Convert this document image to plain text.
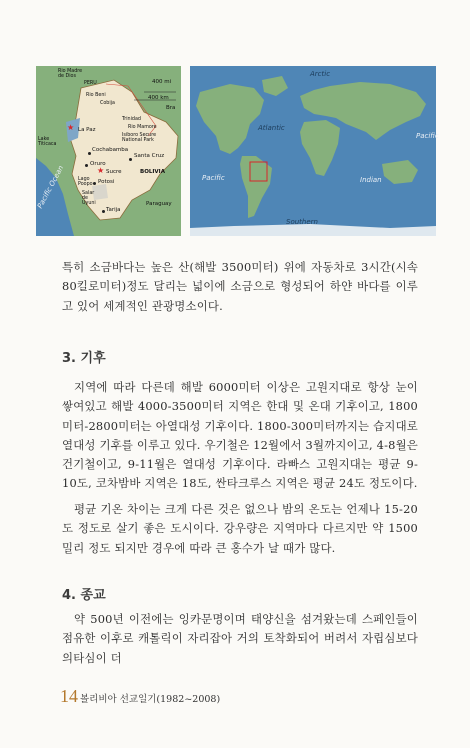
Rio Madre
de Dios
PERU
Rio Beni
400 mi
400 km
Bra
Cobija
Trinidad
Rio Mamore
La Paz
★
Isiboro Secure
National Park
Lake
Titicaca
Cochabamba
Santa Cruz
Oruro
Sucre
★	BOLIVIA
Potosi
Lago
Poopo
Salar
de
Uyuni
Tarija
Paraguay
Pacific Ocean
Arctic
Atlantic
Pacific
Pacific	Indian
Southern

특히 소금바다는 높은 산(해발 3500미터) 위에 자동차로 3시간(시속 80킬로미터)정도 달리는 넓이에 소금으로 형성되어 하얀 바다를 이루고 있어 세계적인 관광명소이다.

3. 기후

지역에 따라 다른데 해발 6000미터 이상은 고원지대로 항상 눈이 쌓여있고 해발 4000-3500미터 지역은 한대 및 온대 기후이고, 1800미터-2800미터는 아열대성 기후이다. 1800-300미터까지는 습지대로 열대성 기후를 이루고 있다. 우기철은 12월에서 3월까지이고, 4-8월은 건기철이고, 9-11월은 열대성 기후이다. 라빠스 고원지대는 평균 9-10도, 코차밤바 지역은 18도, 싼타크루스 지역은 평균 24도 정도이다.

평균 기온 차이는 크게 다른 것은 없으나 밤의 온도는 언제나 15-20도 정도로 살기 좋은 도시이다. 강우량은 지역마다 다르지만 약 1500밀리 정도 되지만 경우에 따라 큰 홍수가 날 때가 많다.

4. 종교

약 500년 이전에는 잉카문명이며 태양신을 섬겨왔는데 스페인들이 점유한 이후로 캐톨릭이 자리잡아 거의 토착화되어 버려서 자립심보다 의타심이 더

14 볼리비아 선교일기(1982~2008)
